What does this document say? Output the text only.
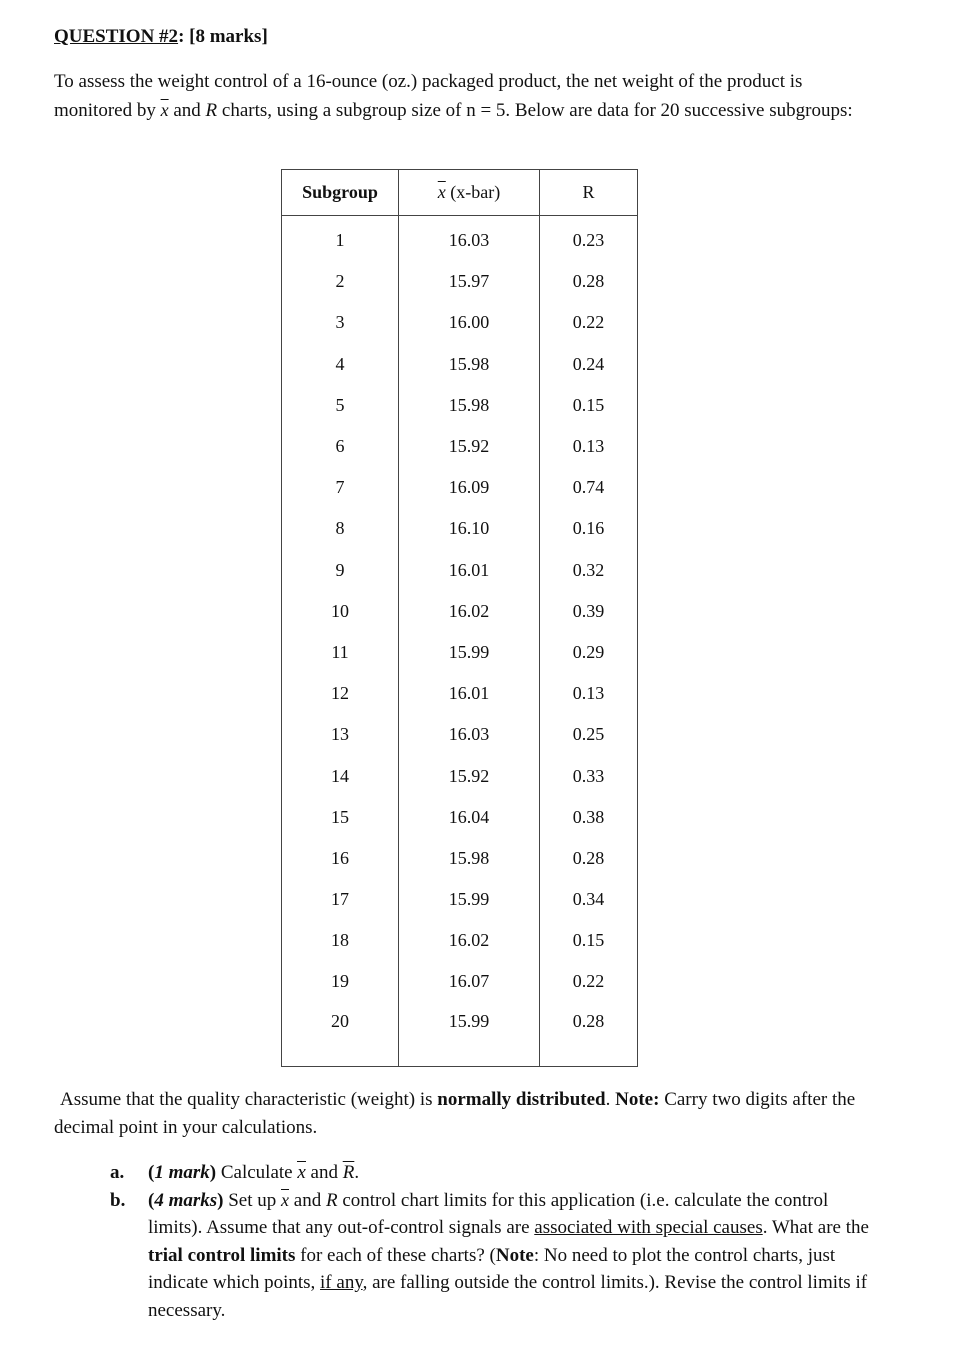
QUESTION #2: [8 marks]
To assess the weight control of a 16-ounce (oz.) packaged product, the net weight of the product is monitored by $\overline{x}$ and R charts, using a subgroup size of n = 5. Below are data for 20 successive subgroups:
Subgroup	$\overline{x}$ (x-bar)	R
1	16.03	0.23
2	15.97	0.28
3	16.00	0.22
4	15.98	0.24
5	15.98	0.15
6	15.92	0.13
7	16.09	0.74
8	16.10	0.16
9	16.01	0.32
10	16.02	0.39
11	15.99	0.29
12	16.01	0.13
13	16.03	0.25
14	15.92	0.33
15	16.04	0.38
16	15.98	0.28
17	15.99	0.34
18	16.02	0.15
19	16.07	0.22
20	15.99	0.28
Assume that the quality characteristic (weight) is normally distributed. Note: Carry two digits after the decimal point in your calculations.
a. (1 mark) Calculate $\overline{x}$ and $\overline{R}$.
b. (4 marks) Set up $\overline{x}$ and R control chart limits for this application (i.e. calculate the control limits). Assume that any out-of-control signals are associated with special causes. What are the trial control limits for each of these charts? (Note: No need to plot the control charts, just indicate which points, if any, are falling outside the control limits.). Revise the control limits if necessary.
